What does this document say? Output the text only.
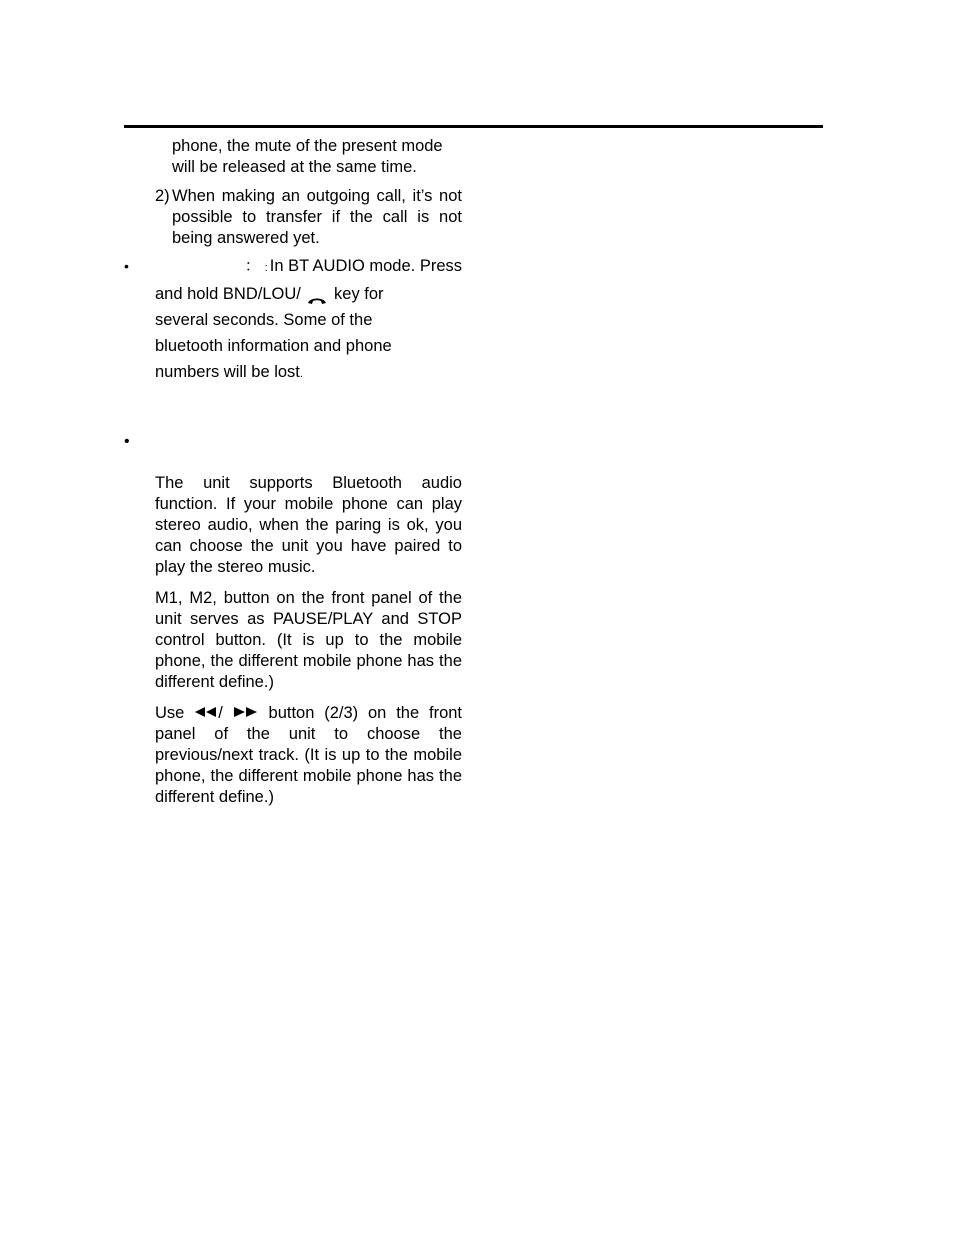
phone, the mute of the present mode
will be released at the same time.
2) When making an outgoing call, it’s not possible to transfer if the call is not being answered yet.
•	： : In BT AUDIO mode. Press
and hold BND/LOU/ key for
several seconds. Some of the
bluetooth information and phone
numbers will be lost.
•
The unit supports Bluetooth audio function. If your mobile phone can play stereo audio, when the paring is ok, you can choose the unit you have paired to play the stereo music.
M1, M2, button on the front panel of the unit serves as PAUSE/PLAY and STOP control button. (It is up to the mobile phone, the different mobile phone has the different define.)
Use /	button (2/3) on the front panel of the unit to choose the previous/next track. (It is up to the mobile phone, the different mobile phone has the different define.)
